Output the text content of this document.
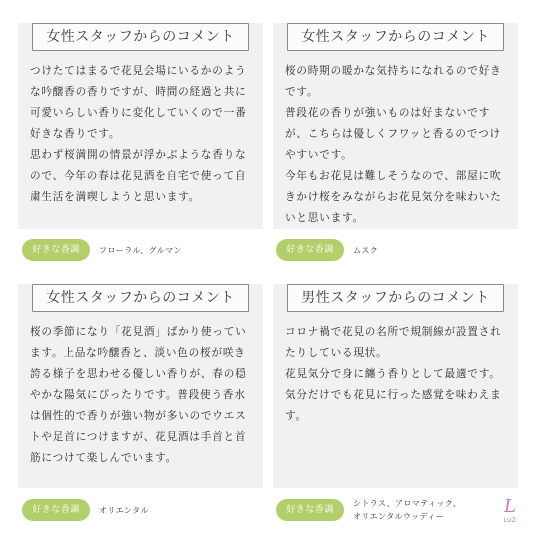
女性スタッフからのコメント

つけたてはまるで花見会場にいるかのような吟醸香の香りですが、時間の経過と共に可愛いらしい香りに変化していくので一番好きな香りです。

思わず桜満開の情景が浮かぶような香りなので、今年の春は花見酒を自宅で使って自粛生活を満喫しようと思います。

好きな香調	フローラル、グルマン
女性スタッフからのコメント

桜の時期の暖かな気持ちになれるので好きです。

普段花の香りが強いものは好まないですが、こちらは優しくフワッと香るのでつけやすいです。

今年もお花見は難しそうなので、部屋に吹きかけ桜をみながらお花見気分を味わいたいと思います。

好きな香調	ムスク
女性スタッフからのコメント

桜の季節になり「花見酒」ばかり使っています。上品な吟醸香と、淡い色の桜が咲き誇る様子を思わせる優しい香りが、春の穏やかな陽気にぴったりです。普段使う香水は個性的で香りが強い物が多いのでウエストや足首につけますが、花見酒は手首と首筋につけて楽しんでいます。

好きな香調	オリエンタル
男性スタッフからのコメント

コロナ禍で花見の名所で規制線が設置されたりしている現状。

花見気分で身に纏う香りとして最適です。

気分だけでも花見に行った感覚を味わえます。

好きな香調
シトラス、アロマティック、
オリエンタルウッディー	L
LUZ
